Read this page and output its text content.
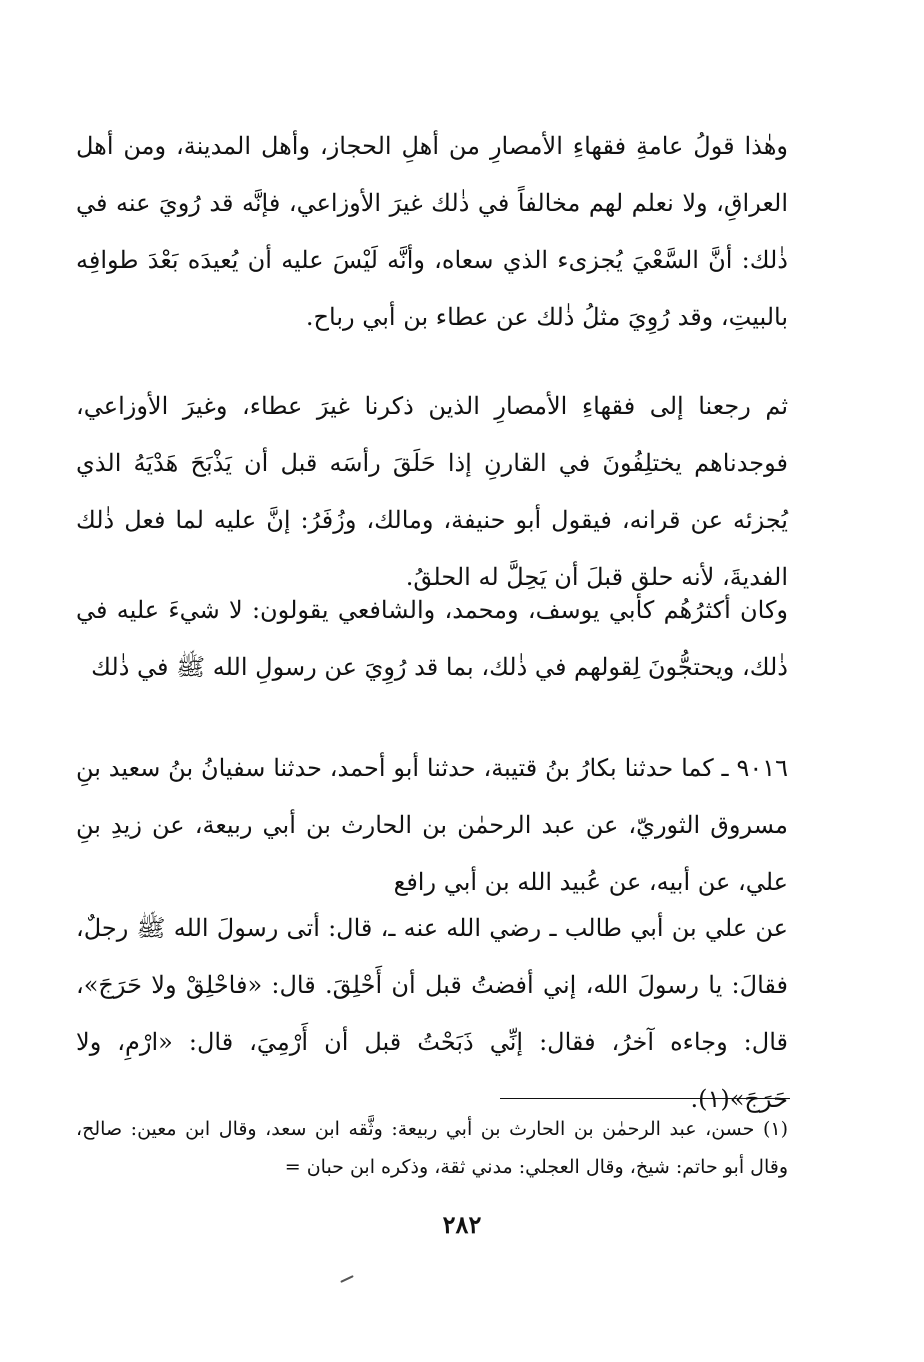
وهٰذا قولُ عامةِ فقهاءِ الأمصارِ من أهلِ الحجاز، وأهل المدينة، ومن أهل العراقِ، ولا نعلم لهم مخالفاً في ذٰلك غيرَ الأوزاعي، فإنَّه قد رُويَ عنه في ذٰلك: أنَّ السَّعْيَ يُجزىء الذي سعاه، وأنَّه لَيْسَ عليه أن يُعيدَه بَعْدَ طوافِه بالبيتِ، وقد رُوِيَ مثلُ ذٰلك عن عطاء بن أبي رباح.

ثم رجعنا إلى فقهاءِ الأمصارِ الذين ذكرنا غيرَ عطاء، وغيرَ الأوزاعي، فوجدناهم يختلِفُونَ في القارنِ إذا حَلَقَ رأسَه قبل أن يَذْبَحَ هَدْيَهُ الذي يُجزئه عن قرانه، فيقول أبو حنيفة، ومالك، وزُفَرُ: إنَّ عليه لما فعل ذٰلك الفديةَ، لأنه حلق قبلَ أن يَحِلَّ له الحلقُ.

وكان أكثرُهُم كأبي يوسف، ومحمد، والشافعي يقولون: لا شيءَ عليه في ذٰلك، ويحتجُّونَ لِقولهم في ذٰلك، بما قد رُوِيَ عن رسولِ الله ﷺ في ذٰلك

٩٠١٦ ـ كما حدثنا بكارُ بنُ قتيبة، حدثنا أبو أحمد، حدثنا سفيانُ بنُ سعيد بنِ مسروق الثوريّ، عن عبد الرحمٰن بن الحارث بن أبي ربيعة، عن زيدِ بنِ علي، عن أبيه، عن عُبيد الله بن أبي رافع

عن علي بن أبي طالب ـ رضي الله عنه ـ، قال: أتى رسولَ الله ﷺ رجلٌ، فقالَ: يا رسولَ الله، إني أفضتُ قبل أن أَحْلِقَ. قال: «فاحْلِقْ ولا حَرَجَ»، قال: وجاءه آخرُ، فقال: إنِّي ذَبَحْتُ قبل أن أَرْمِيَ، قال: «ارْمِ، ولا حَرَجَ»(١).

(١) حسن، عبد الرحمٰن بن الحارث بن أبي ربيعة: وثَّقه ابن سعد، وقال ابن معين: صالح، وقال أبو حاتم: شيخ، وقال العجلي: مدني ثقة، وذكره ابن حبان =

٢٨٢
